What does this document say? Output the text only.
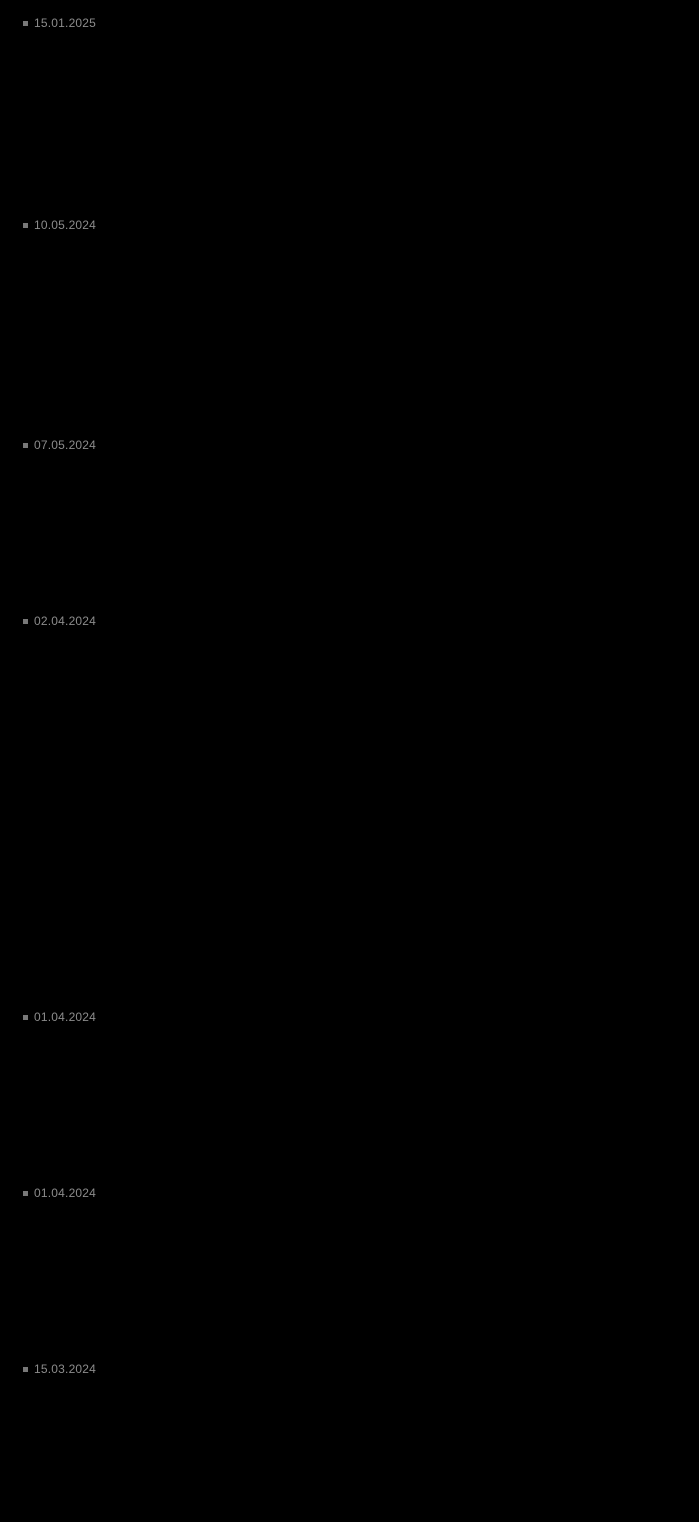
15.01.2025
10.05.2024
07.05.2024
02.04.2024
01.04.2024
01.04.2024
15.03.2024
